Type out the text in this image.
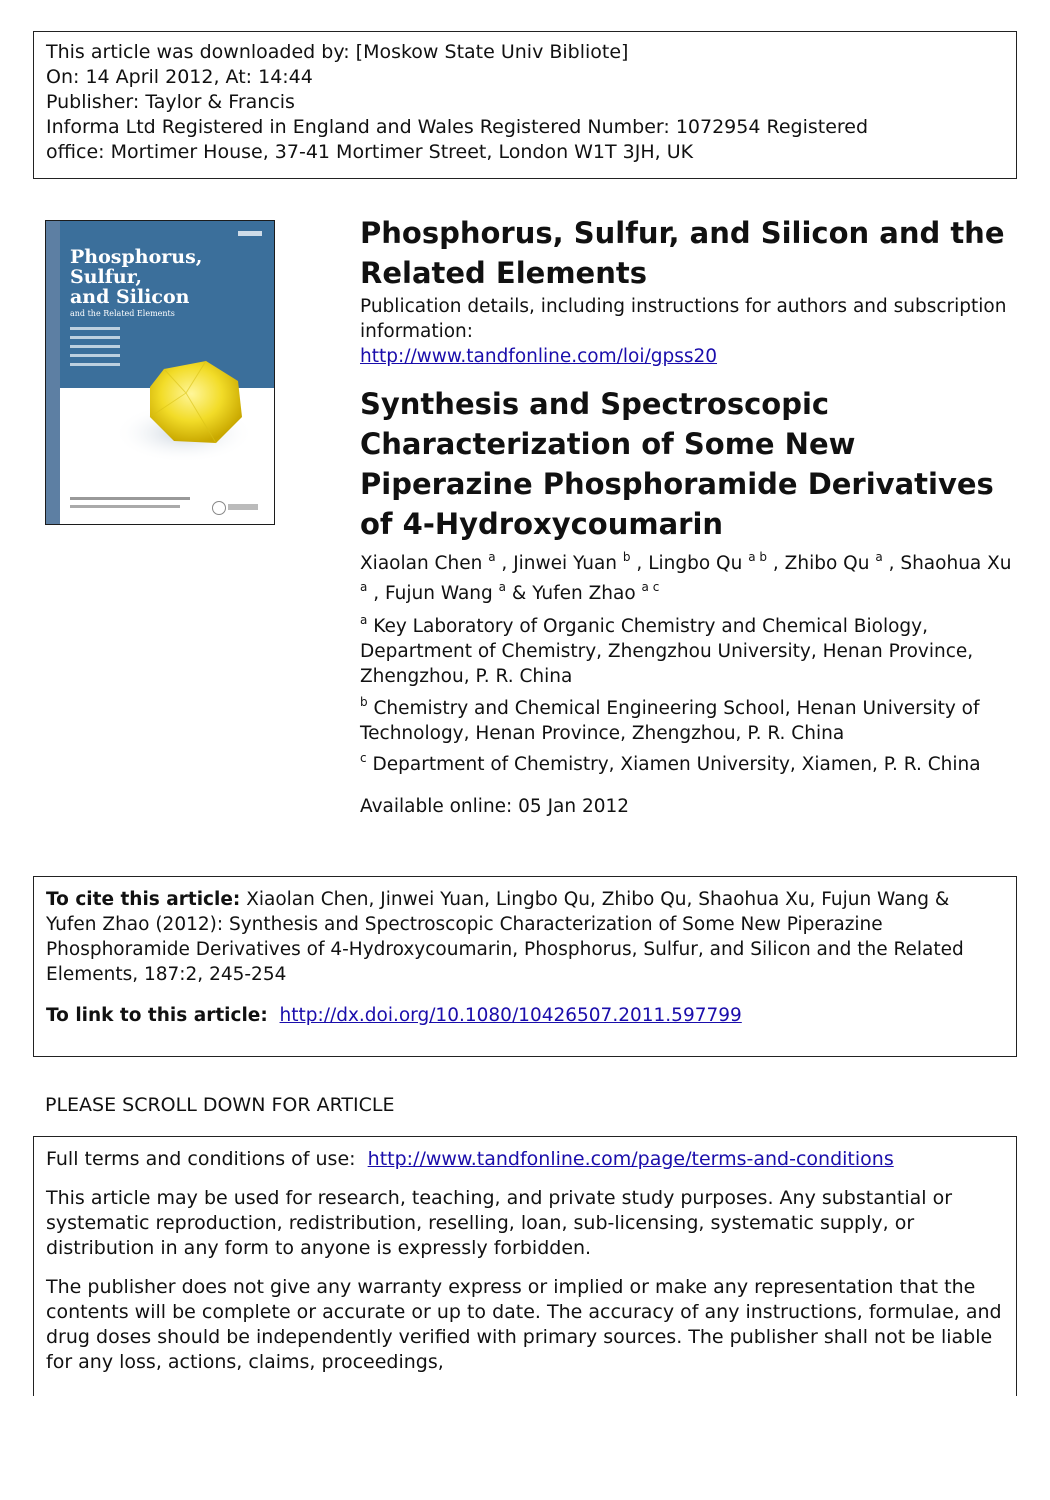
This article was downloaded by: [Moskow State Univ Bibliote]
On: 14 April 2012, At: 14:44
Publisher: Taylor & Francis
Informa Ltd Registered in England and Wales Registered Number: 1072954 Registered
office: Mortimer House, 37-41 Mortimer Street, London W1T 3JH, UK
Phosphorus,
Sulfur,
and Silicon
and the Related Elements
Phosphorus, Sulfur, and Silicon and the Related Elements
Publication details, including instructions for authors and subscription information:
http://www.tandfonline.com/loi/gpss20
Synthesis and Spectroscopic Characterization of Some New Piperazine Phosphoramide Derivatives of 4-Hydroxycoumarin
Xiaolan Chen $^a$ , Jinwei Yuan $^b$ , Lingbo Qu $^{a b}$ , Zhibo Qu $^a$ , Shaohua Xu $^a$ , Fujun Wang $^a$ & Yufen Zhao $^{a c}$
$^a$ Key Laboratory of Organic Chemistry and Chemical Biology, Department of Chemistry, Zhengzhou University, Henan Province, Zhengzhou, P. R. China
$^b$ Chemistry and Chemical Engineering School, Henan University of Technology, Henan Province, Zhengzhou, P. R. China
$^c$ Department of Chemistry, Xiamen University, Xiamen, P. R. China
Available online: 05 Jan 2012
To cite this article: Xiaolan Chen, Jinwei Yuan, Lingbo Qu, Zhibo Qu, Shaohua Xu, Fujun Wang & Yufen Zhao (2012): Synthesis and Spectroscopic Characterization of Some New Piperazine Phosphoramide Derivatives of 4-Hydroxycoumarin, Phosphorus, Sulfur, and Silicon and the Related Elements, 187:2, 245-254
To link to this article: http://dx.doi.org/10.1080/10426507.2011.597799
PLEASE SCROLL DOWN FOR ARTICLE

Full terms and conditions of use: http://www.tandfonline.com/page/terms-and-conditions

This article may be used for research, teaching, and private study purposes. Any substantial or systematic reproduction, redistribution, reselling, loan, sub-licensing, systematic supply, or distribution in any form to anyone is expressly forbidden.

The publisher does not give any warranty express or implied or make any representation that the contents will be complete or accurate or up to date. The accuracy of any instructions, formulae, and drug doses should be independently verified with primary sources. The publisher shall not be liable for any loss, actions, claims, proceedings,
